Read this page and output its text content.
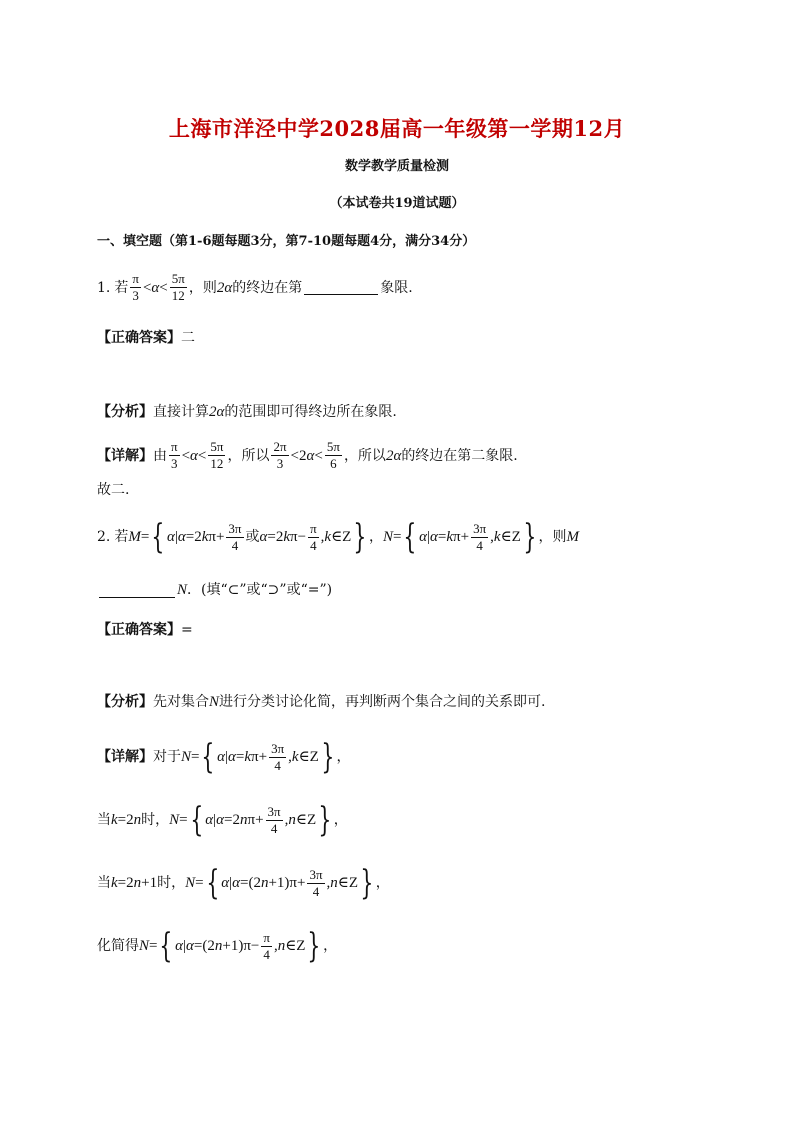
上海市洋泾中学2028届高一年级第一学期12月
数学教学质量检测
（本试卷共19道试题）
一、填空题（第1-6题每题3分，第7-10题每题4分，满分34分）
1. 若 $\frac{\pi}{3} < \alpha < \frac{5\pi}{12}$ ，则 2α 的终边在第	象限.
【正确答案】 二
【分析】 直接计算 2α 的范围即可得终边所在象限.
【详解】 由 $\frac{\pi}{3} < \alpha < \frac{5\pi}{12}$ ，所以 $\frac{2\pi}{3} < 2$ $\alpha < \frac{5\pi}{6}$ ，所以 2α 的终边在第二象限.
故二.
2. 若 M = { α | α =2 k $\pi+ \frac{3\pi}{4}$ 或 α =2 k $\pi- \frac{\pi}{4}$ , k ∈Z } ， N = { α | α = k $\pi+ \frac{3\pi}{4}$ , k ∈Z } ，则 M
N ．(填“⊂”或“⊃”或“=”)
【正确答案】 =
【分析】 先对集合 N 进行分类讨论化简，再判断两个集合之间的关系即可.
【详解】 对于 N = { α | α = k $\pi+ \frac{3\pi}{4}$ , k ∈Z } ，
当 k =2 n 时， N = { α | α =2 n $\pi+ \frac{3\pi}{4}$ , n ∈Z } ，
当 k =2 n +1 时， N = { α | α =(2 $n +1)\pi+ \frac{3\pi}{4}$ , n ∈Z } ，
化简得 N = { α | α =(2 $n +1)\pi- \frac{\pi}{4}$ , n ∈Z } ，
